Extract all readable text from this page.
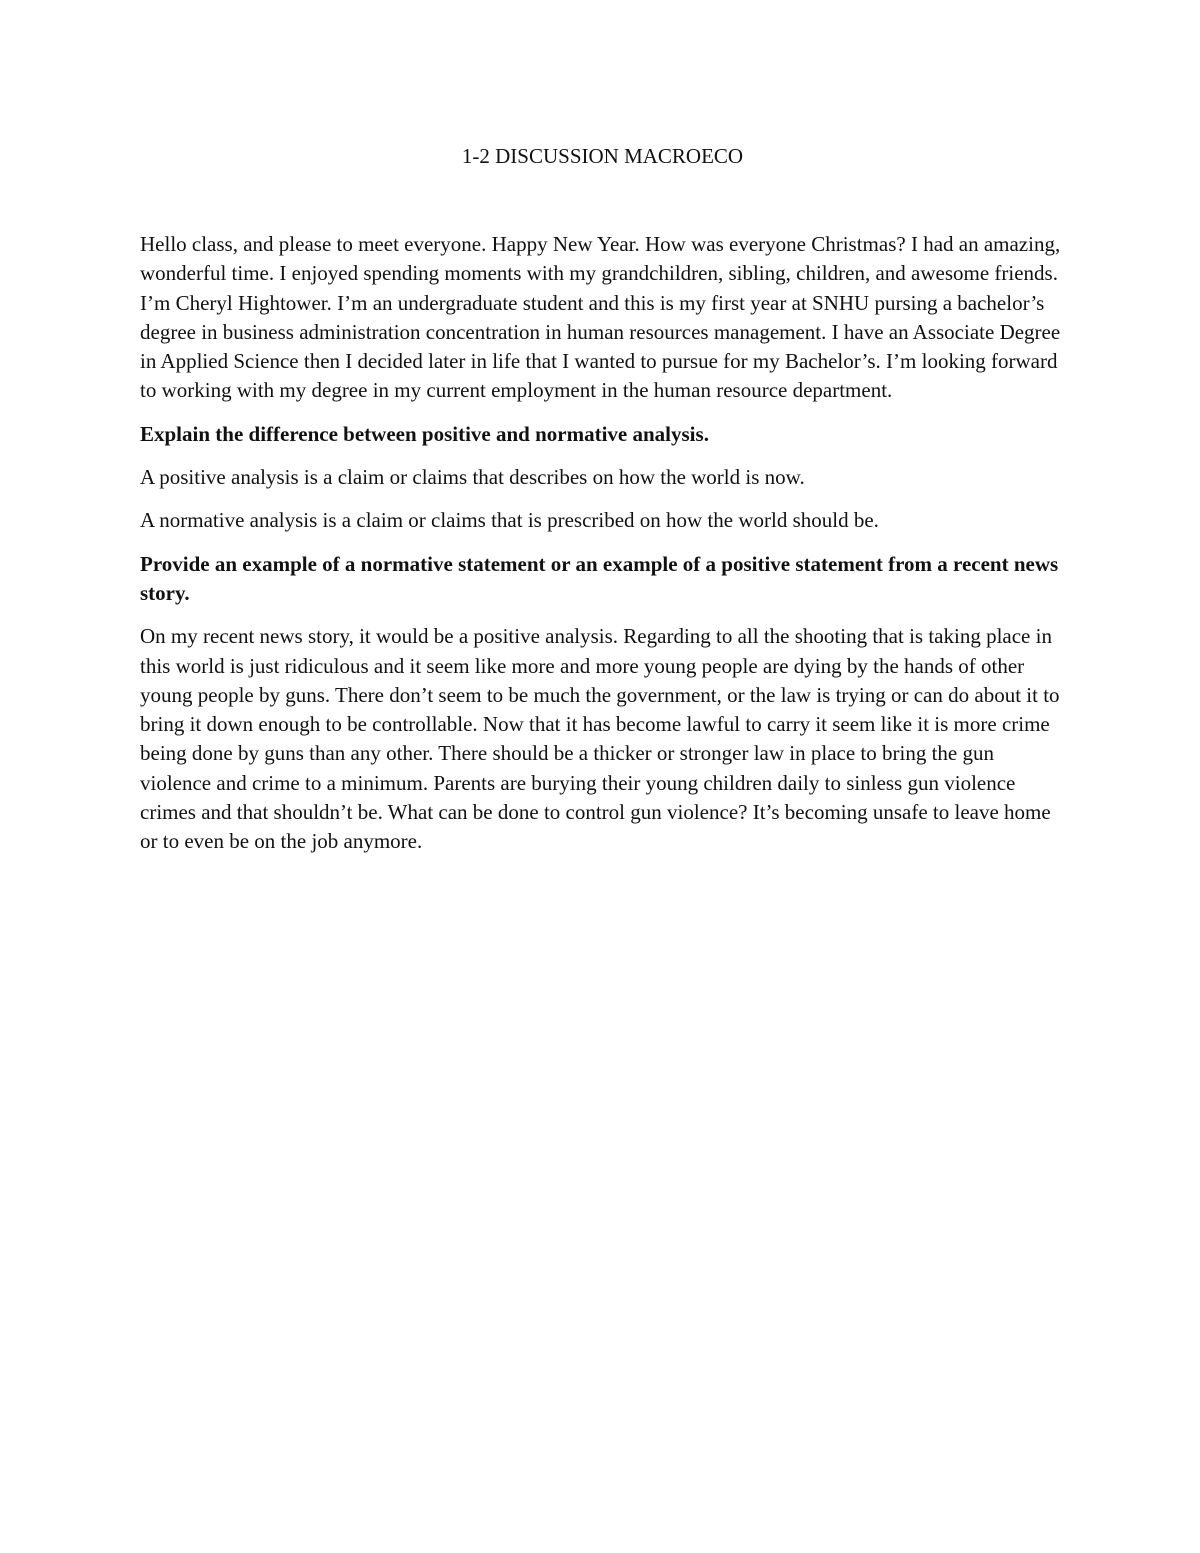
1-2 DISCUSSION MACROECO

Hello class, and please to meet everyone. Happy New Year. How was everyone Christmas? I had an amazing, wonderful time. I enjoyed spending moments with my grandchildren, sibling, children, and awesome friends. I’m Cheryl Hightower. I’m an undergraduate student and this is my first year at SNHU pursing a bachelor’s degree in business administration concentration in human resources management. I have an Associate Degree in Applied Science then I decided later in life that I wanted to pursue for my Bachelor’s. I’m looking forward to working with my degree in my current employment in the human resource department.

Explain the difference between positive and normative analysis.

A positive analysis is a claim or claims that describes on how the world is now.

A normative analysis is a claim or claims that is prescribed on how the world should be.

Provide an example of a normative statement or an example of a positive statement from a recent news story.

On my recent news story, it would be a positive analysis. Regarding to all the shooting that is taking place in this world is just ridiculous and it seem like more and more young people are dying by the hands of other young people by guns. There don’t seem to be much the government, or the law is trying or can do about it to bring it down enough to be controllable. Now that it has become lawful to carry it seem like it is more crime being done by guns than any other. There should be a thicker or stronger law in place to bring the gun violence and crime to a minimum. Parents are burying their young children daily to sinless gun violence crimes and that shouldn’t be. What can be done to control gun violence? It’s becoming unsafe to leave home or to even be on the job anymore.
